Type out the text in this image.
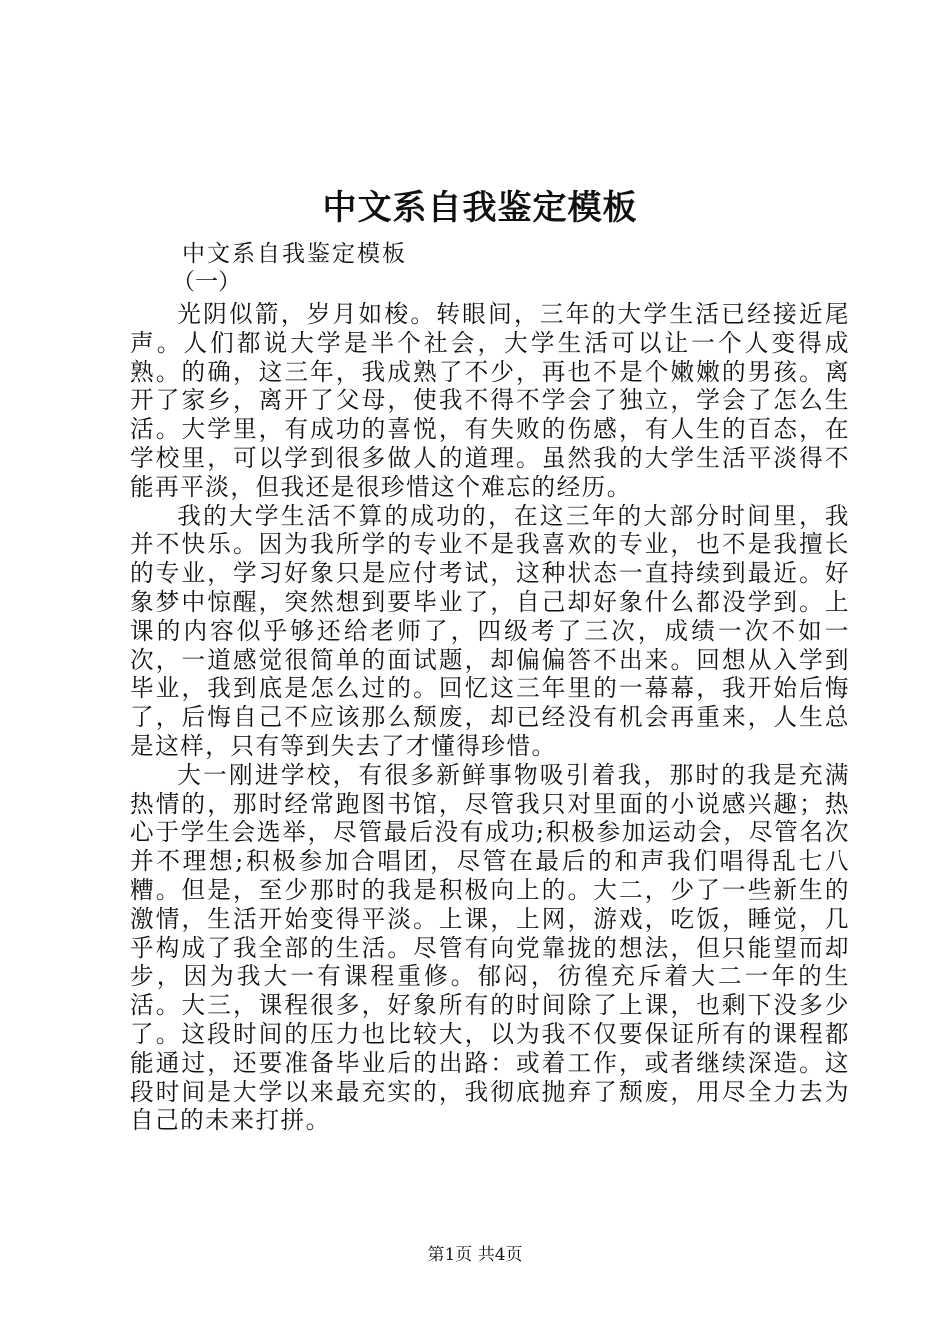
中文系自我鉴定模板
中文系自我鉴定模板
（一）

光阴似箭，岁月如梭。转眼间，三年的大学生活已经接近尾声。人们都说大学是半个社会，大学生活可以让一个人变得成熟。的确，这三年，我成熟了不少，再也不是个嫩嫩的男孩。离开了家乡，离开了父母，使我不得不学会了独立，学会了怎么生活。大学里，有成功的喜悦，有失败的伤感，有人生的百态，在学校里，可以学到很多做人的道理。虽然我的大学生活平淡得不能再平淡，但我还是很珍惜这个难忘的经历。

我的大学生活不算的成功的，在这三年的大部分时间里，我并不快乐。因为我所学的专业不是我喜欢的专业，也不是我擅长的专业，学习好象只是应付考试，这种状态一直持续到最近。好象梦中惊醒，突然想到要毕业了，自己却好象什么都没学到。上课的内容似乎够还给老师了，四级考了三次，成绩一次不如一次，一道感觉很简单的面试题，却偏偏答不出来。回想从入学到毕业，我到底是怎么过的。回忆这三年里的一幕幕，我开始后悔了，后悔自己不应该那么颓废，却已经没有机会再重来，人生总是这样，只有等到失去了才懂得珍惜。

大一刚进学校，有很多新鲜事物吸引着我，那时的我是充满热情的，那时经常跑图书馆，尽管我只对里面的小说感兴趣；热心于学生会选举，尽管最后没有成功;积极参加运动会，尽管名次并不理想;积极参加合唱团，尽管在最后的和声我们唱得乱七八糟。但是，至少那时的我是积极向上的。大二，少了一些新生的激情，生活开始变得平淡。上课，上网，游戏，吃饭，睡觉，几乎构成了我全部的生活。尽管有向党靠拢的想法，但只能望而却步，因为我大一有课程重修。郁闷，彷徨充斥着大二一年的生活。大三，课程很多，好象所有的时间除了上课，也剩下没多少了。这段时间的压力也比较大，以为我不仅要保证所有的课程都能通过，还要准备毕业后的出路：或着工作，或者继续深造。这段时间是大学以来最充实的，我彻底抛弃了颓废，用尽全力去为自己的未来打拼。

第1页 共4页
